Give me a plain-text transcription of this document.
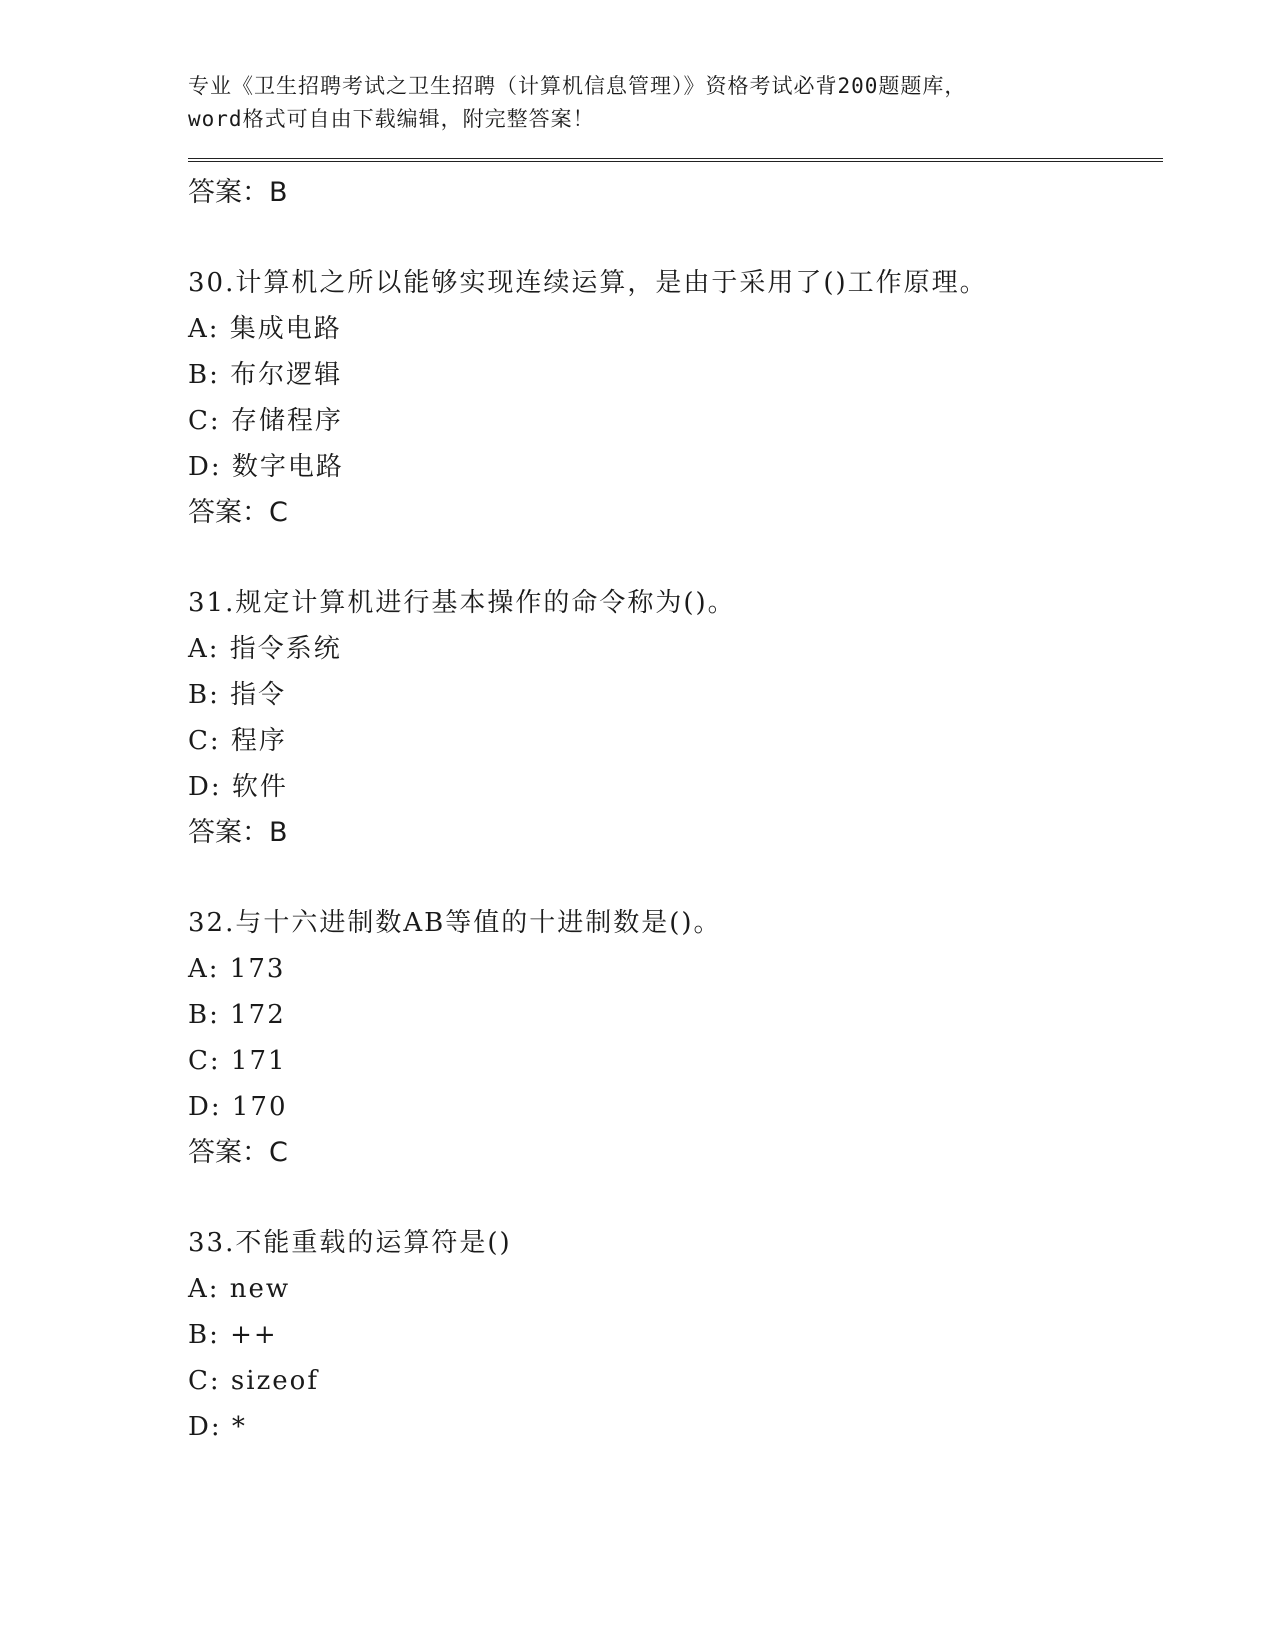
专业《卫生招聘考试之卫生招聘（计算机信息管理）》资格考试必背200题题库，

word格式可自由下载编辑，附完整答案！

答案：B

30.计算机之所以能够实现连续运算，是由于采用了()工作原理。

A: 集成电路

B: 布尔逻辑

C: 存储程序

D: 数字电路

答案：C

31.规定计算机进行基本操作的命令称为()。

A: 指令系统

B: 指令

C: 程序

D: 软件

答案：B

32.与十六进制数AB等值的十进制数是()。

A: 173

B: 172

C: 171

D: 170

答案：C

33.不能重载的运算符是()

A: new

B: ++

C: sizeof

D: *
